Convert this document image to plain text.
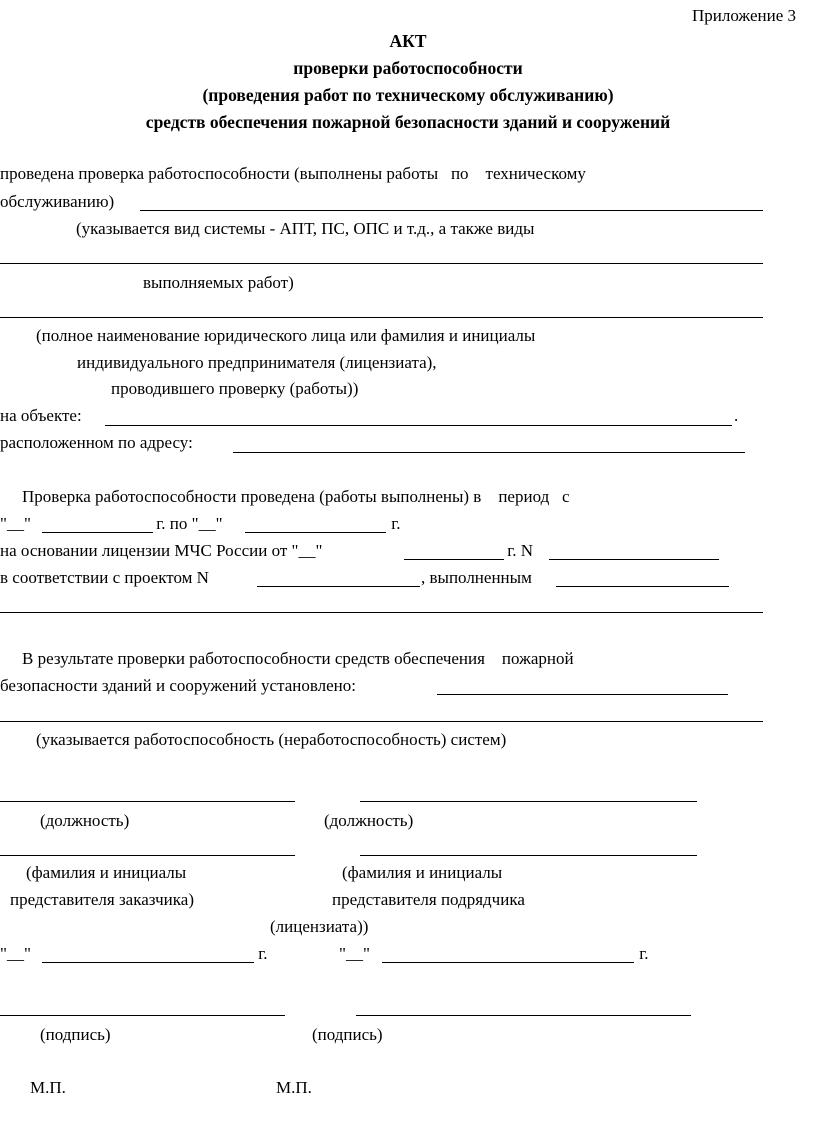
Приложение 3
АКТ
проверки работоспособности
(проведения работ по техническому обслуживанию)
средств обеспечения пожарной безопасности зданий и сооружений
проведена проверка работоспособности (выполнены работы   по    техническому
обслуживанию)
(указывается вид системы - АПТ, ПС, ОПС и т.д., а также виды
выполняемых работ)
(полное наименование юридического лица или фамилия и инициалы
индивидуального предпринимателя (лицензиата),
проводившего проверку (работы))
на объекте:	.
расположенном по адресу:
Проверка работоспособности проведена (работы выполнены) в    период   с
"__"	г. по "__"	г.
на основании лицензии МЧС России от "__"	г. N
в соответствии с проектом N	, выполненным
В результате проверки работоспособности средств обеспечения    пожарной
безопасности зданий и сооружений установлено:
(указывается работоспособность (неработоспособность) систем)
(должность)	(должность)
(фамилия и инициалы	(фамилия и инициалы
представителя заказчика)	представителя подрядчика
(лицензиата))
"__"	г.	"__"	г.
(подпись)	(подпись)
М.П.	М.П.
